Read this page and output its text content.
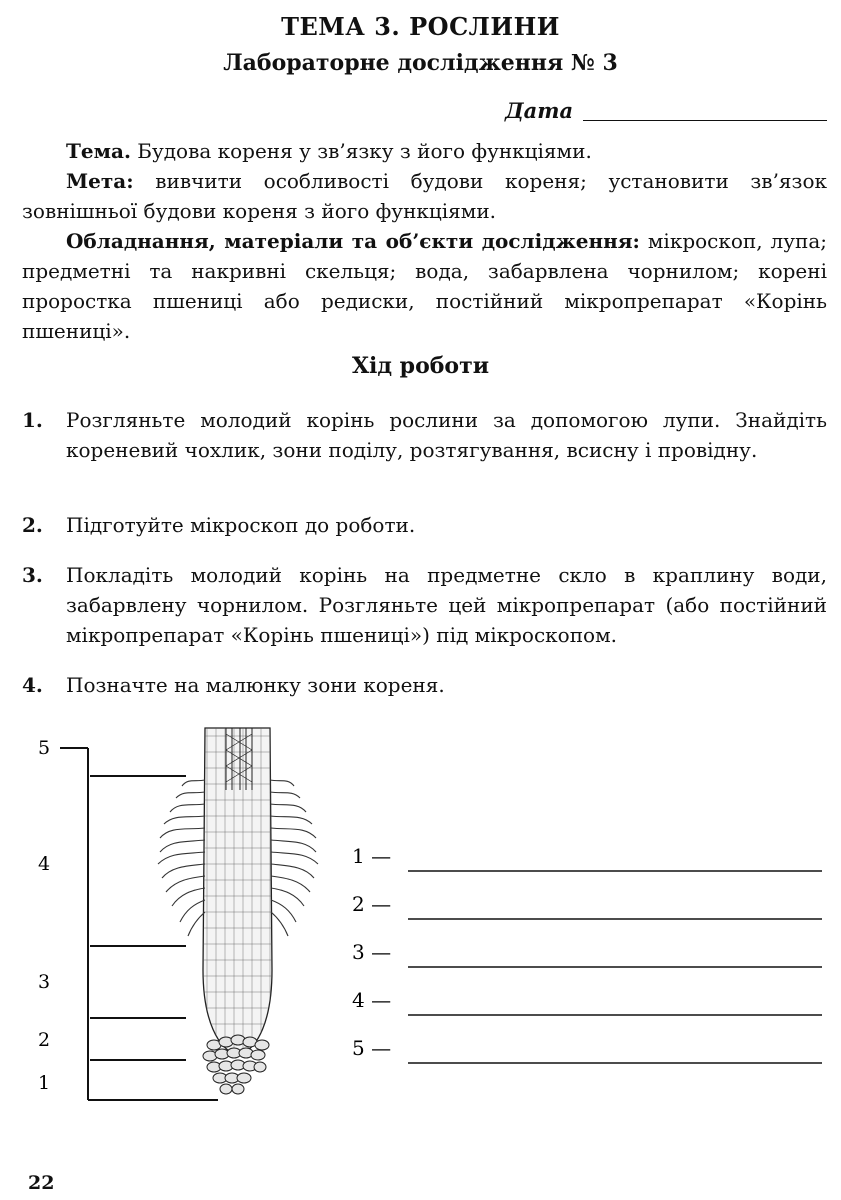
ТЕМА 3. РОСЛИНИ
Лабораторне дослідження № 3
Дата
Тема. Будова кореня у зв’язку з його функціями.
Мета: вивчити особливості будови кореня; установити зв’язок зовнішньої будови кореня з його функціями.
Обладнання, матеріали та об’єкти дослідження: мікроскоп, лупа; предметні та накривні скельця; вода, забарвлена чорнилом; корені проростка пшениці або редиски, постійний мікропрепарат «Корінь пшениці».
Хід роботи
1. Розгляньте молодий корінь рослини за допомогою лупи. Знайдіть кореневий чохлик, зони поділу, розтягування, всисну і провідну.
2. Підготуйте мікроскоп до роботи.
3. Покладіть молодий корінь на предметне скло в краплину води, забарвлену чорнилом. Розгляньте цей мікропрепарат (або постійний мікропрепарат «Корінь пшениці») під мікроскопом.
4. Позначте на малюнку зони кореня.
5
4
3
2
1
1 —
2 —
3 —
4 —
5 —
22
